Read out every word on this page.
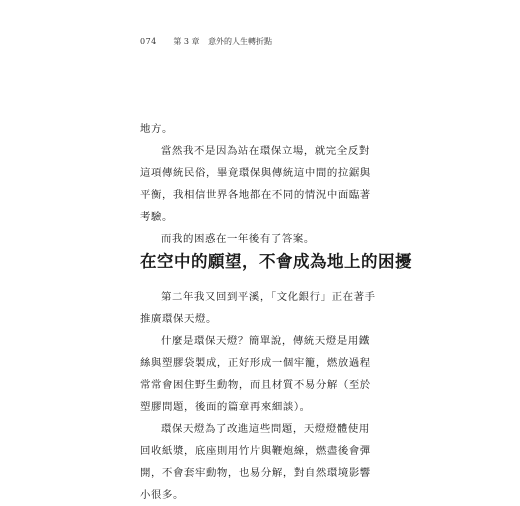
074 第 3 章 意外的人生轉折點

地方。

當然我不是因為站在環保立場，就完全反對這項傳統民俗，畢竟環保與傳統這中間的拉鋸與平衡，我相信世界各地都在不同的情況中面臨著考驗。

而我的困惑在一年後有了答案。

在空中的願望，不會成為地上的困擾

第二年我又回到平溪，「文化銀行」正在著手推廣環保天燈。

什麼是環保天燈？簡單說，傳統天燈是用鐵絲與塑膠袋製成，正好形成一個牢籠，燃放過程常常會困住野生動物，而且材質不易分解（至於塑膠問題，後面的篇章再來細談）。

環保天燈為了改進這些問題，天燈燈體使用回收紙漿，底座則用竹片與鞭炮線，燃盡後會彈開，不會套牢動物，也易分解，對自然環境影響小很多。
